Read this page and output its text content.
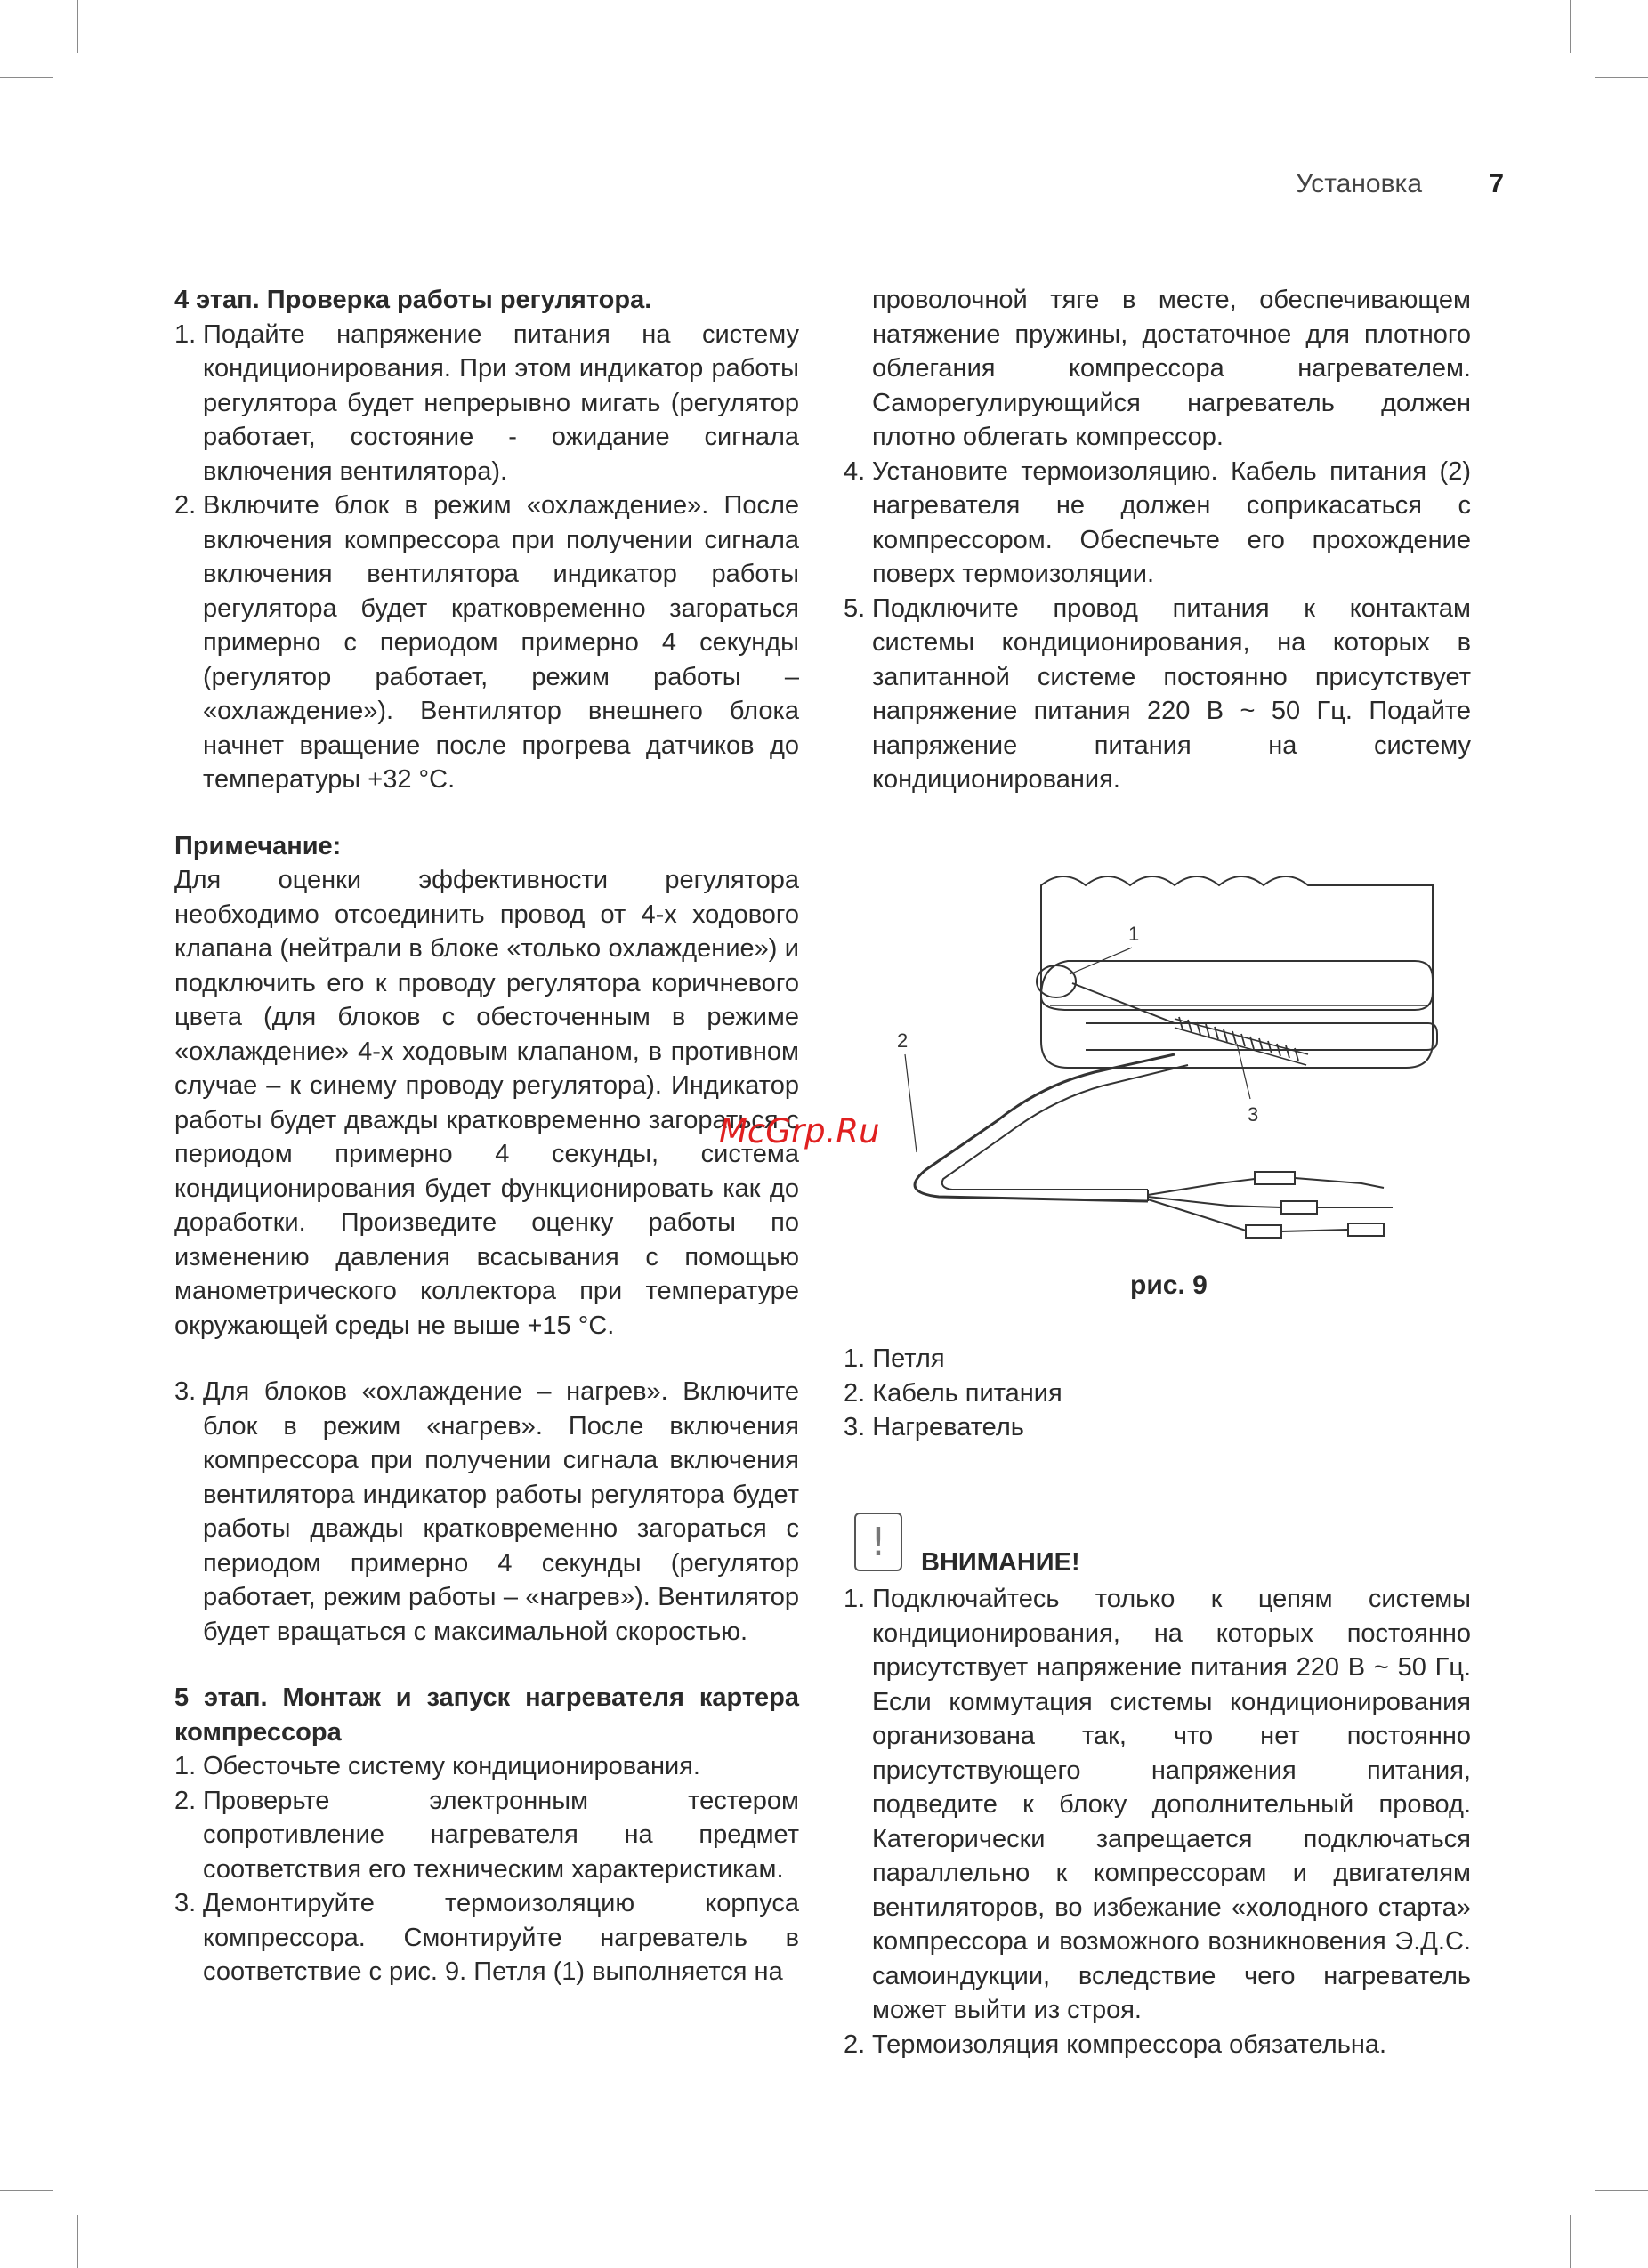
Установка	7

4 этап. Проверка работы регулятора.

1. Подайте напряжение питания на систему кондиционирования. При этом индикатор работы регулятора будет непрерывно мигать (регулятор работает, состояние - ожидание сигнала включения вентилятора).
2. Включите блок в режим «охлаждение». После включения компрессора при получении сигнала включения вентилятора индикатор работы регулятора будет кратковременно загораться примерно с периодом примерно 4 секунды (регулятор работает, режим работы – «охлаждение»). Вентилятор внешнего блока начнет вращение после прогрева датчиков до температуры +32 °С.

Примечание:

Для оценки эффективности регулятора необходимо отсоединить провод от 4-х ходового клапана (нейтрали в блоке «только охлаждение») и подключить его к проводу регулятора коричневого цвета (для блоков с обесточенным в режиме «охлаждение» 4-х ходовым клапаном, в противном случае – к синему проводу регулятора). Индикатор работы будет дважды кратковременно загораться с периодом примерно 4 секунды, система кондиционирования будет функционировать как до доработки. Произведите оценку работы по изменению давления всасывания с помощью манометрического коллектора при температуре окружающей среды не выше +15 °С.

3. Для блоков «охлаждение – нагрев». Включите блок в режим «нагрев». После включения компрессора при получении сигнала включения вентилятора индикатор работы регулятора будет работы дважды кратковременно загораться с периодом примерно 4 секунды (регулятор работает, режим работы – «нагрев»). Вентилятор будет вращаться с максимальной скоростью.

5 этап. Монтаж и запуск нагревателя картера компрессора

1. Обесточьте систему кондиционирования.
2. Проверьте электронным тестером сопротивление нагревателя на предмет соответствия его техническим характеристикам.
3. Демонтируйте термоизоляцию корпуса компрессора. Смонтируйте нагреватель в соответствие с рис. 9. Петля (1) выполняется на

проволочной тяге в месте, обеспечивающем натяжение пружины, достаточное для плотного облегания компрессора нагревателем. Саморегулирующийся нагреватель должен плотно облегать компрессор.

4. Установите термоизоляцию. Кабель питания (2) нагревателя не должен соприкасаться с компрессором. Обеспечьте его прохождение поверх термоизоляции.
5. Подключите провод питания к контактам системы кондиционирования, на которых в запитанной системе постоянно присутствует напряжение питания 220 В ~ 50 Гц. Подайте напряжение питания на систему кондиционирования.
1
2
3
рис. 9
1. Петля
2. Кабель питания
3. Нагреватель
!	ВНИМАНИЕ!
1. Подключайтесь только к цепям системы кондиционирования, на которых постоянно присутствует напряжение питания 220 В ~ 50 Гц. Если коммутация системы кондиционирования организована так, что нет постоянно присутствующего напряжения питания, подведите к блоку дополнительный провод. Категорически запрещается подключаться параллельно к компрессорам и двигателям вентиляторов, во избежание «холодного старта» компрессора и возможного возникновения Э.Д.С. самоиндукции, вследствие чего нагреватель может выйти из строя.
2. Термоизоляция компрессора обязательна.
McGrp.Ru
